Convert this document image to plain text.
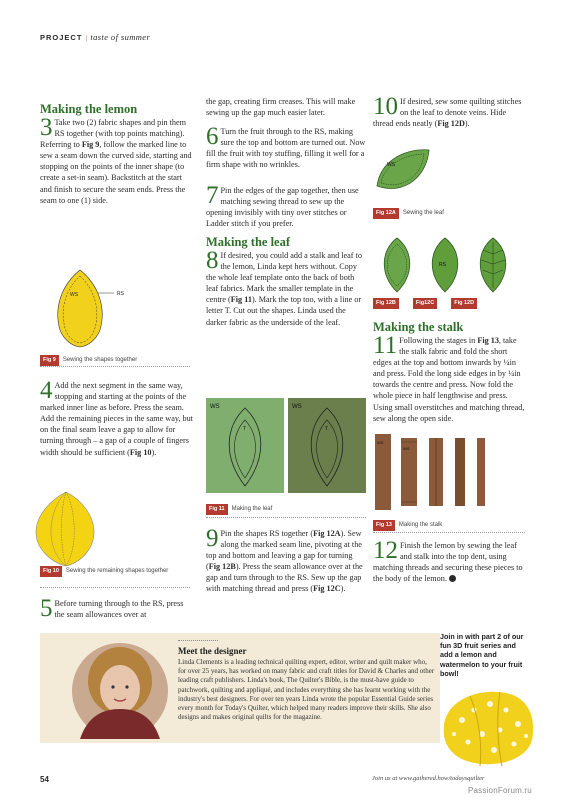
PROJECT | taste of summer
Making the lemon

3 Take two (2) fabric shapes and pin them RS together (with top points matching). Referring to Fig 9, follow the marked line to sew a seam down the curved side, starting and stopping on the points of the inner shape (to create a set-in seam). Backstitch at the start and finish to secure the seam ends. Press the seam to one (1) side.

WS	RS
Fig 9	Sewing the shapes together

4 Add the next segment in the same way, stopping and starting at the points of the marked inner line as before. Press the seam. Add the remaining pieces in the same way, but on the final seam leave a gap to allow for turning through – a gap of a couple of fingers width should be sufficient (Fig 10).

Fig 10	Sewing the remaining shapes together

5 Before turning through to the RS, press the seam allowances over at

the gap, creating firm creases. This will make sewing up the gap much easier later.

6 Turn the fruit through to the RS, making sure the top and bottom are turned out. Now fill the fruit with toy stuffing, filling it well for a firm shape with no wrinkles.

7 Pin the edges of the gap together, then use matching sewing thread to sew up the opening invisibly with tiny over stitches or Ladder stitch if you prefer.

Making the leaf

8 If desired, you could add a stalk and leaf to the lemon, Linda kept hers without. Copy the whole leaf template onto the back of both leaf fabrics. Mark the smaller template in the centre (Fig 11). Mark the top too, with a line or letter T. Cut out the shapes. Linda used the darker fabric as the underside of the leaf.

WS	WS
T	T
Fig 11	Making the leaf

9 Pin the shapes RS together (Fig 12A). Sew along the marked seam line, pivoting at the top and bottom and leaving a gap for turning (Fig 12B). Press the seam allowance over at the gap and turn through to the RS. Sew up the gap with matching thread and press (Fig 12C).

10 If desired, sew some quilting stitches on the leaf to denote veins. Hide thread ends neatly (Fig 12D).

WS
Fig 12A	Sewing the leaf
RS
Fig 12B	Fig12C	Fig 12D
Making the stalk

11 Following the stages in Fig 13, take the stalk fabric and fold the short edges at the top and bottom inwards by ¼in and press. Fold the long side edges in by ¼in towards the centre and press. Now fold the whole piece in half lengthwise and press. Using small overstitches and matching thread, sew along the open side.

WS
WS
Fig 13	Making the stalk

12 Finish the lemon by sewing the leaf and stalk into the top dent, using matching threads and securing these pieces to the body of the lemon.

Meet the designer
Linda Clements is a leading technical quilting expert, editor, writer and quilt maker who, for over 25 years, has worked on many fabric and craft titles for David & Charles and other leading craft publishers. Linda's book, The Quilter's Bible, is the must-have guide to patchwork, quilting and appliqué, and includes everything she has learnt working with the industry's best designers. For over ten years Linda wrote the popular Essential Guide series every month for Today's Quilter, which helped many readers improve their skills. She also designs and makes original quilts for the magazine.
Join in with part 2 of our fun 3D fruit series and add a lemon and watermelon to your fruit bowl!
54	Join us at www.gathered.how/todaysquilter
PassionForum.ru
